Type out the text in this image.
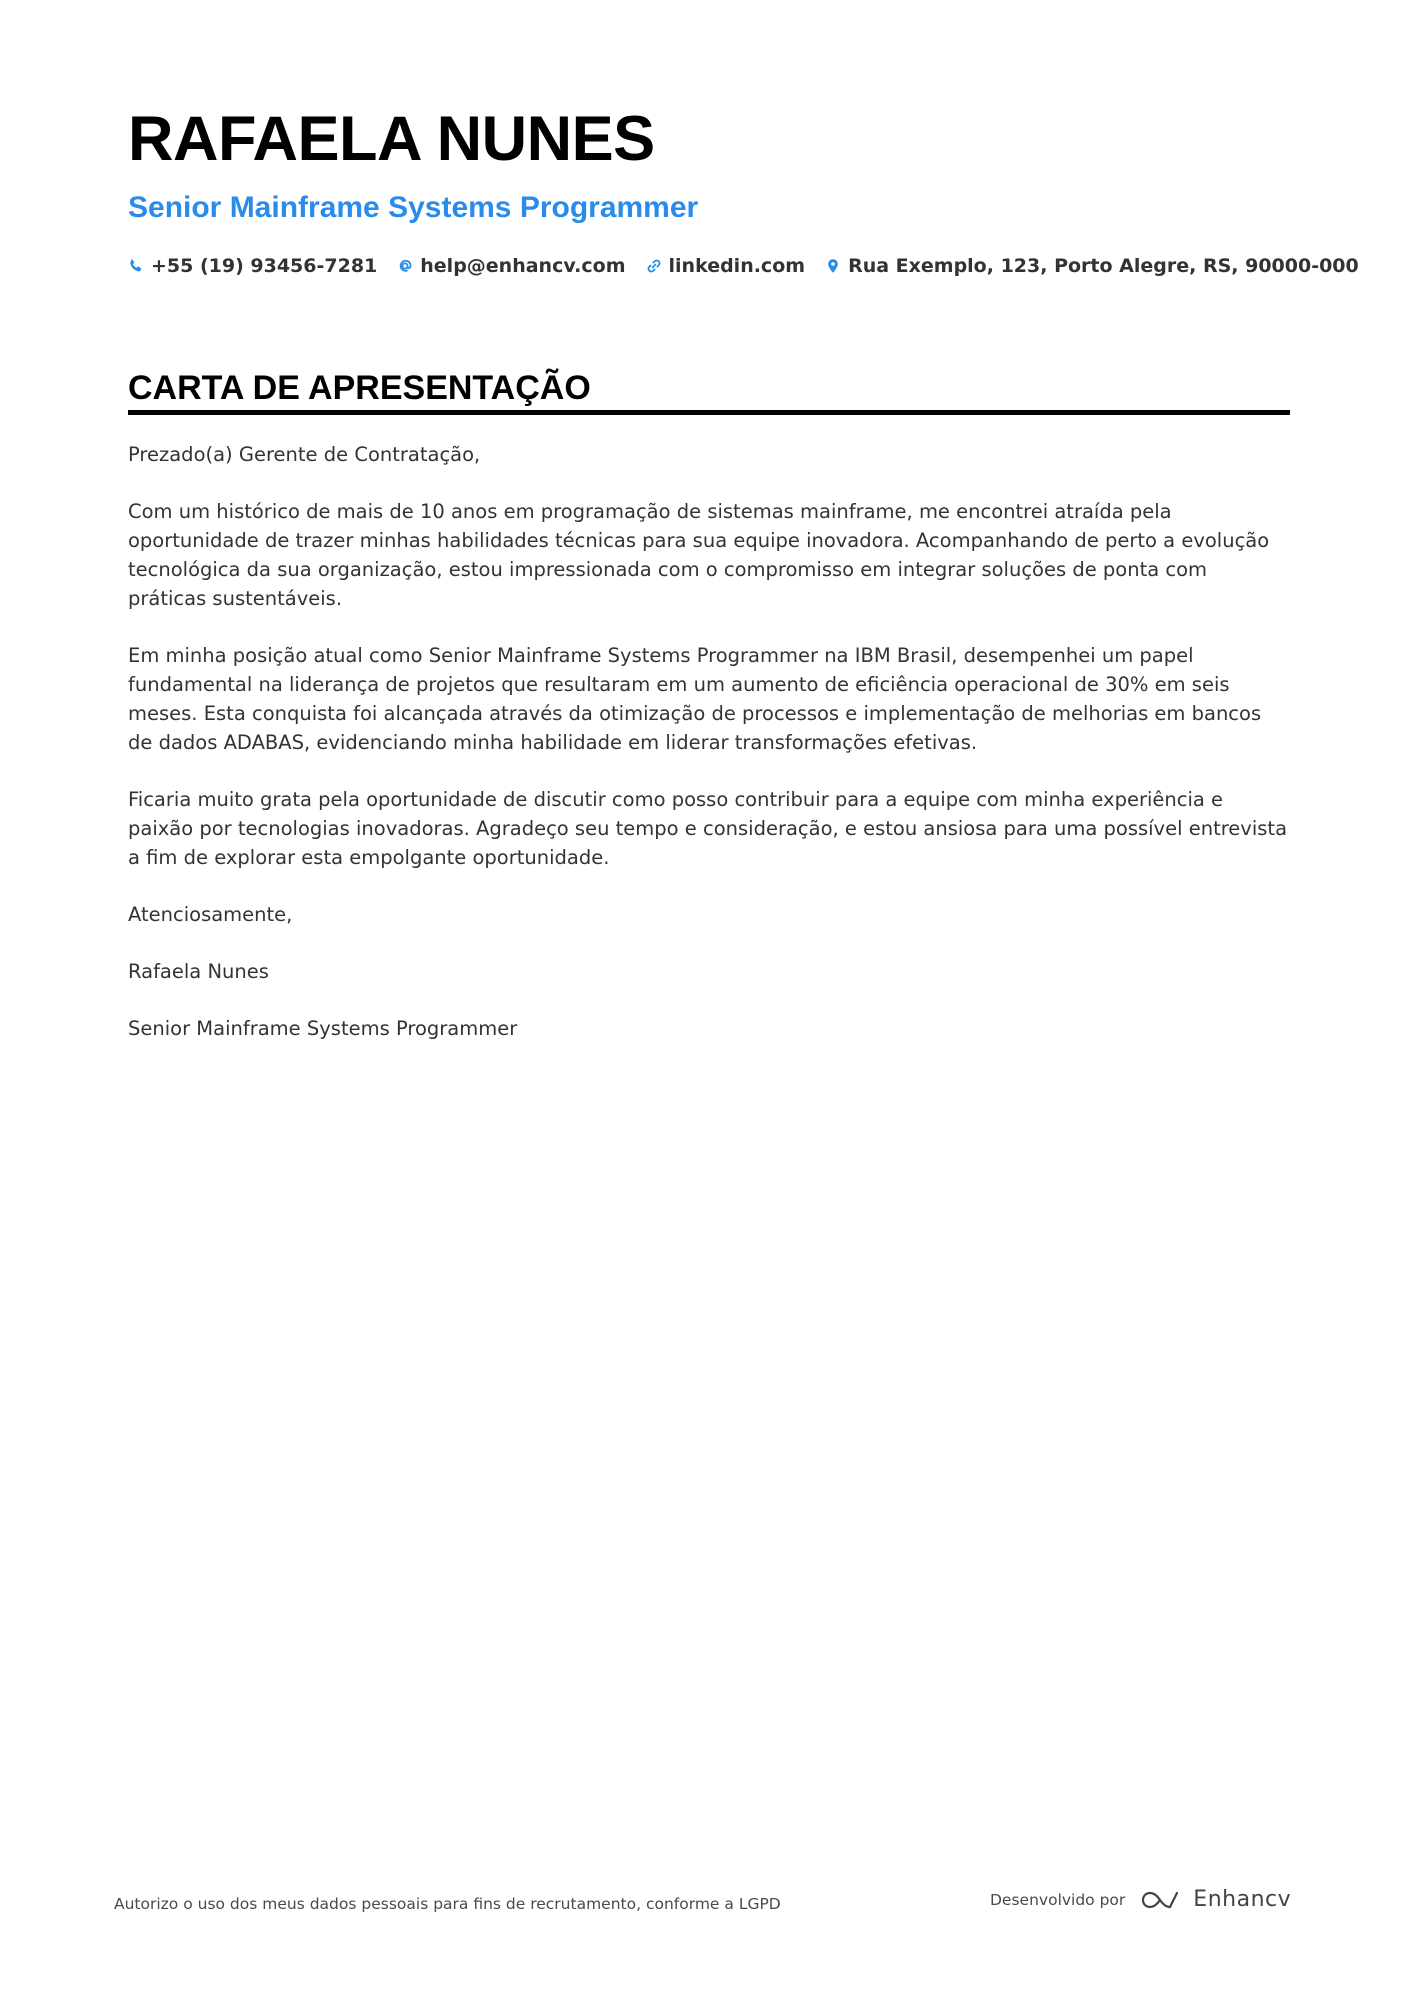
RAFAELA NUNES
Senior Mainframe Systems Programmer
+55 (19) 93456-7281 help@enhancv.com linkedin.com Rua Exemplo, 123, Porto Alegre, RS, 90000-000
CARTA DE APRESENTAÇÃO

Prezado(a) Gerente de Contratação,

Com um histórico de mais de 10 anos em programação de sistemas mainframe, me encontrei atraída pela oportunidade de trazer minhas habilidades técnicas para sua equipe inovadora. Acompanhando de perto a evolução tecnológica da sua organização, estou impressionada com o compromisso em integrar soluções de ponta com práticas sustentáveis.

Em minha posição atual como Senior Mainframe Systems Programmer na IBM Brasil, desempenhei um papel fundamental na liderança de projetos que resultaram em um aumento de eficiência operacional de 30% em seis meses. Esta conquista foi alcançada através da otimização de processos e implementação de melhorias em bancos de dados ADABAS, evidenciando minha habilidade em liderar transformações efetivas.

Ficaria muito grata pela oportunidade de discutir como posso contribuir para a equipe com minha experiência e paixão por tecnologias inovadoras. Agradeço seu tempo e consideração, e estou ansiosa para uma possível entrevista a fim de explorar esta empolgante oportunidade.

Atenciosamente,

Rafaela Nunes

Senior Mainframe Systems Programmer

Autorizo o uso dos meus dados pessoais para fins de recrutamento, conforme a LGPD	Desenvolvido por	Enhancv
